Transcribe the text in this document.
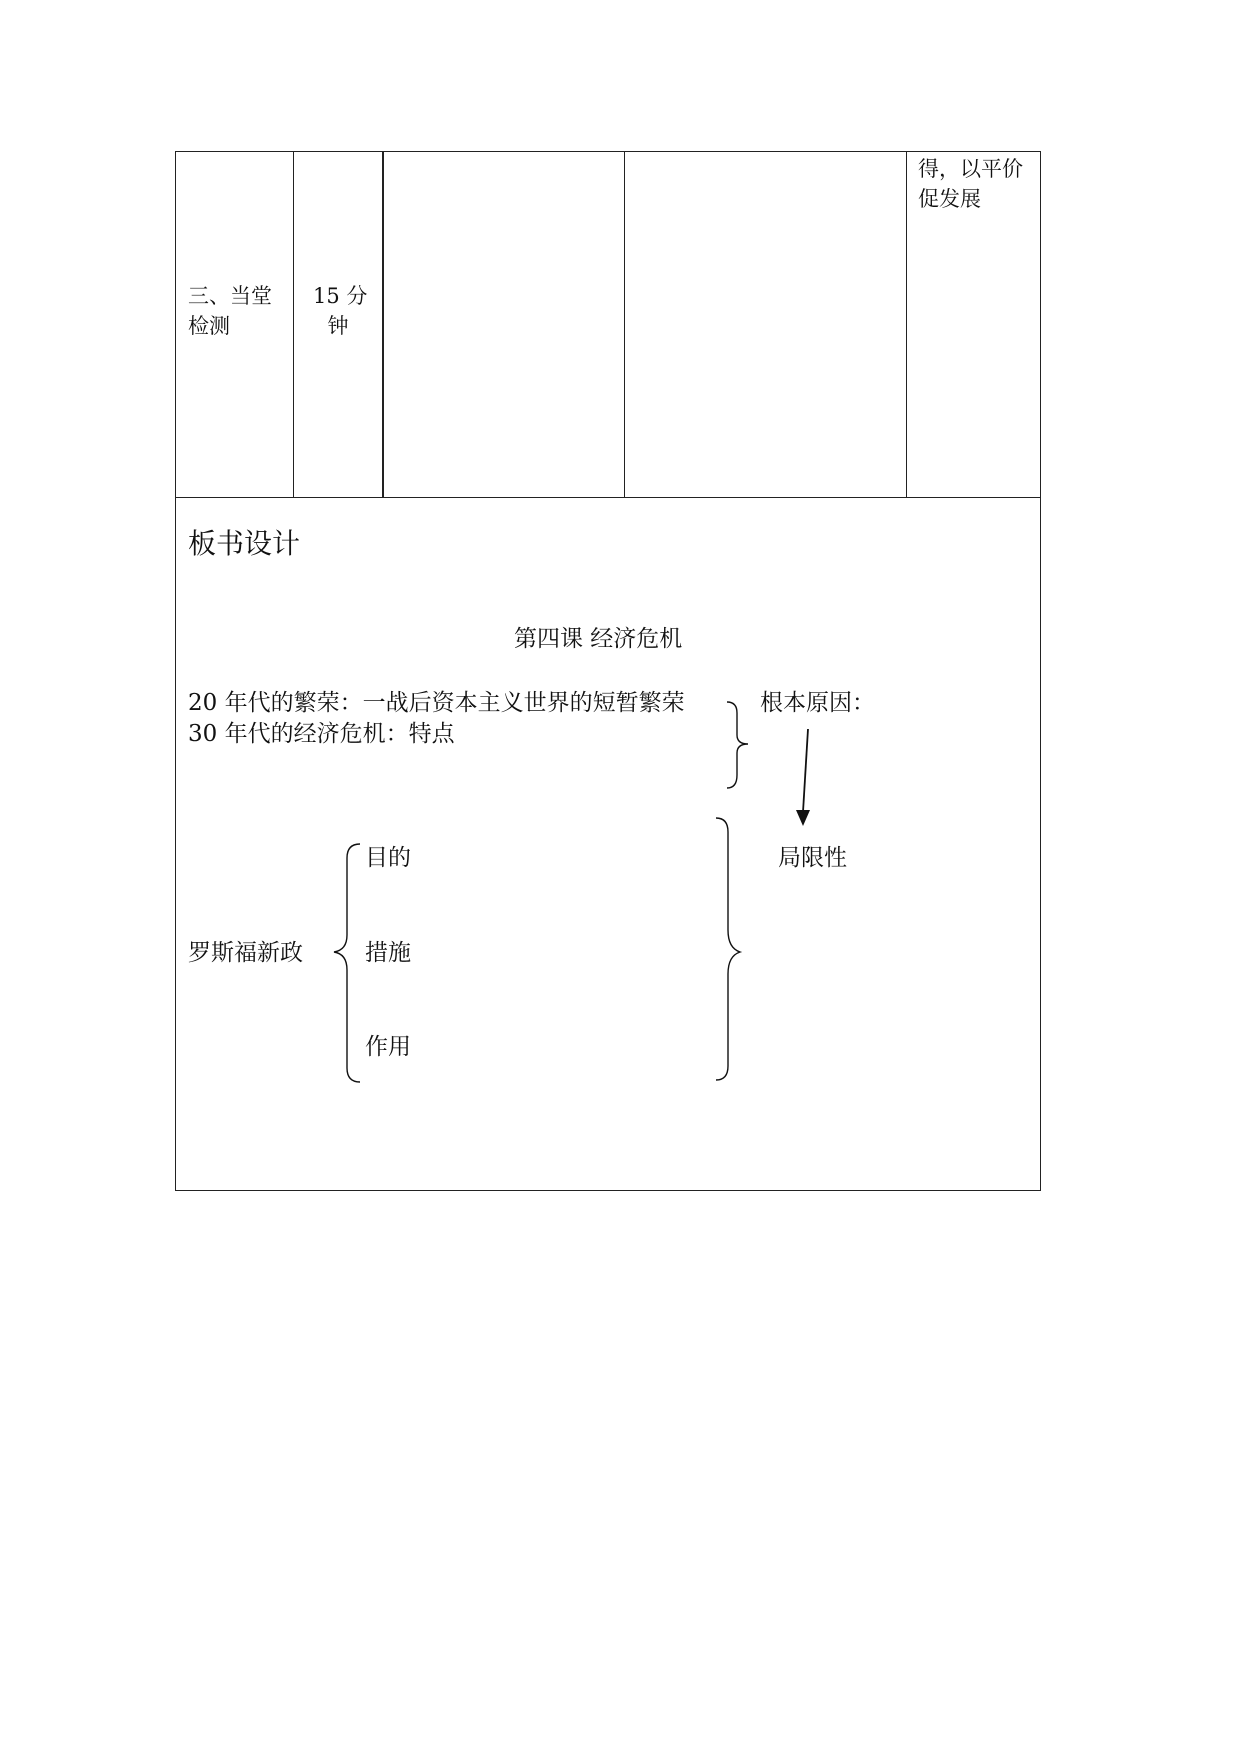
三、当堂
检测
15 分
钟
得，以平价
促发展
板书设计
第四课 经济危机
20 年代的繁荣：一战后资本主义世界的短暂繁荣
30 年代的经济危机：特点
根本原因：
局限性
罗斯福新政
目的
措施
作用
